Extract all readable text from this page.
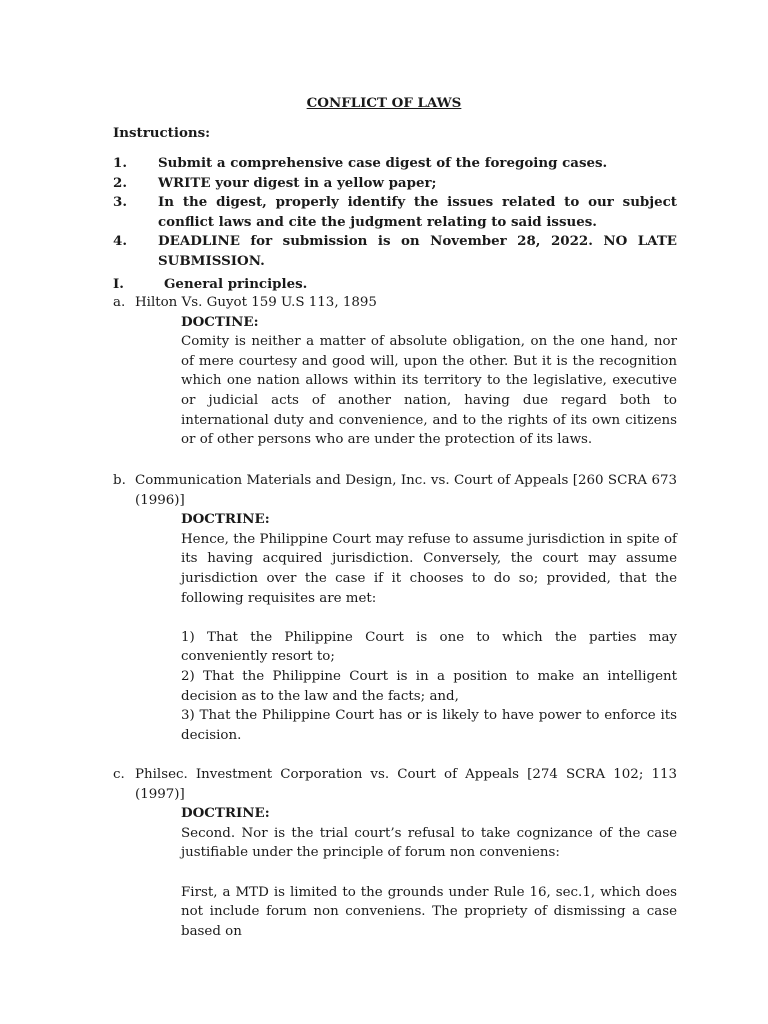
CONFLICT OF LAWS
Instructions:
1.	Submit a comprehensive case digest of the foregoing cases.
2.	WRITE your digest in a yellow paper;
3.	In the digest, properly identify the issues related to our subject conflict laws and cite the judgment relating to said issues.
4.	DEADLINE for submission is on November 28, 2022. NO LATE SUBMISSION.
I.	General principles.
a. Hilton Vs. Guyot 159 U.S 113, 1895
DOCTINE:
Comity is neither a matter of absolute obligation, on the one hand, nor of mere courtesy and good will, upon the other. But it is the recognition which one nation allows within its territory to the legislative, executive or judicial acts of another nation, having due regard both to international duty and convenience, and to the rights of its own citizens or of other persons who are under the protection of its laws.
b. Communication Materials and Design, Inc. vs. Court of Appeals [260 SCRA 673 (1996)]
DOCTRINE:
Hence, the Philippine Court may refuse to assume jurisdiction in spite of its having acquired jurisdiction. Conversely, the court may assume jurisdiction over the case if it chooses to do so; provided, that the following requisites are met:
1) That the Philippine Court is one to which the parties may conveniently resort to;
2) That the Philippine Court is in a position to make an intelligent decision as to the law and the facts; and,
3) That the Philippine Court has or is likely to have power to enforce its decision.
c. Philsec. Investment Corporation vs. Court of Appeals [274 SCRA 102; 113 (1997)]
DOCTRINE:
Second. Nor is the trial court’s refusal to take cognizance of the case justifiable under the principle of forum non conveniens:
First, a MTD is limited to the grounds under Rule 16, sec.1, which does not include forum non conveniens. The propriety of dismissing a case based on
